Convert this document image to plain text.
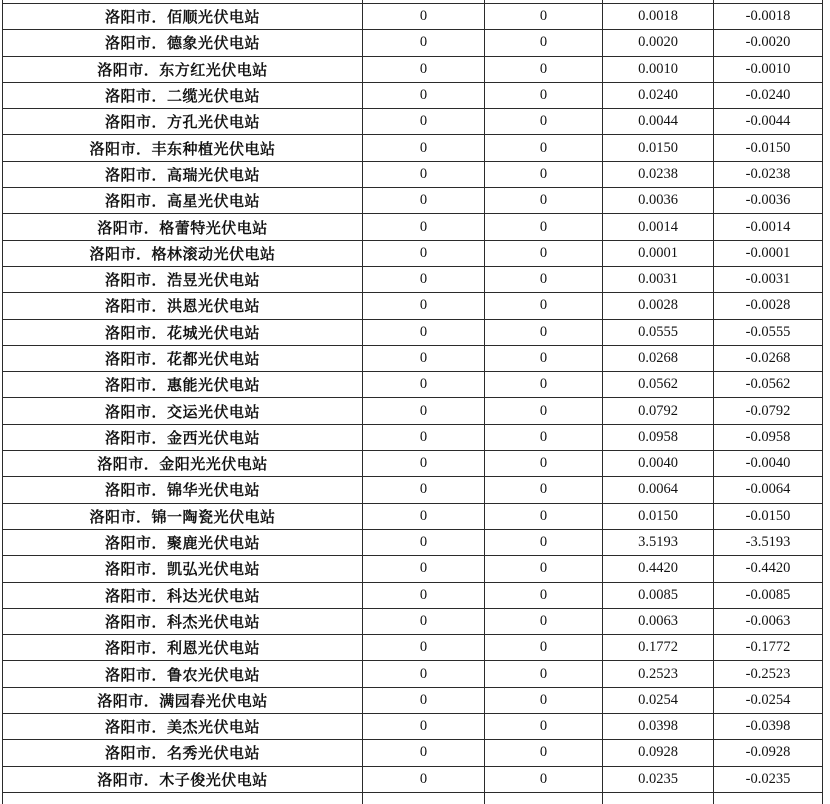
洛阳市．佰顺光伏电站	0	0	0.0018	-0.0018
洛阳市．德象光伏电站	0	0	0.0020	-0.0020
洛阳市．东方红光伏电站	0	0	0.0010	-0.0010
洛阳市．二缆光伏电站	0	0	0.0240	-0.0240
洛阳市．方孔光伏电站	0	0	0.0044	-0.0044
洛阳市．丰东种植光伏电站	0	0	0.0150	-0.0150
洛阳市．高瑞光伏电站	0	0	0.0238	-0.0238
洛阳市．高星光伏电站	0	0	0.0036	-0.0036
洛阳市．格蕾特光伏电站	0	0	0.0014	-0.0014
洛阳市．格林滚动光伏电站	0	0	0.0001	-0.0001
洛阳市．浩昱光伏电站	0	0	0.0031	-0.0031
洛阳市．洪恩光伏电站	0	0	0.0028	-0.0028
洛阳市．花城光伏电站	0	0	0.0555	-0.0555
洛阳市．花都光伏电站	0	0	0.0268	-0.0268
洛阳市．惠能光伏电站	0	0	0.0562	-0.0562
洛阳市．交运光伏电站	0	0	0.0792	-0.0792
洛阳市．金西光伏电站	0	0	0.0958	-0.0958
洛阳市．金阳光光伏电站	0	0	0.0040	-0.0040
洛阳市．锦华光伏电站	0	0	0.0064	-0.0064
洛阳市．锦一陶瓷光伏电站	0	0	0.0150	-0.0150
洛阳市．聚鹿光伏电站	0	0	3.5193	-3.5193
洛阳市．凯弘光伏电站	0	0	0.4420	-0.4420
洛阳市．科达光伏电站	0	0	0.0085	-0.0085
洛阳市．科杰光伏电站	0	0	0.0063	-0.0063
洛阳市．利恩光伏电站	0	0	0.1772	-0.1772
洛阳市．鲁农光伏电站	0	0	0.2523	-0.2523
洛阳市．满园春光伏电站	0	0	0.0254	-0.0254
洛阳市．美杰光伏电站	0	0	0.0398	-0.0398
洛阳市．名秀光伏电站	0	0	0.0928	-0.0928
洛阳市．木子俊光伏电站	0	0	0.0235	-0.0235
